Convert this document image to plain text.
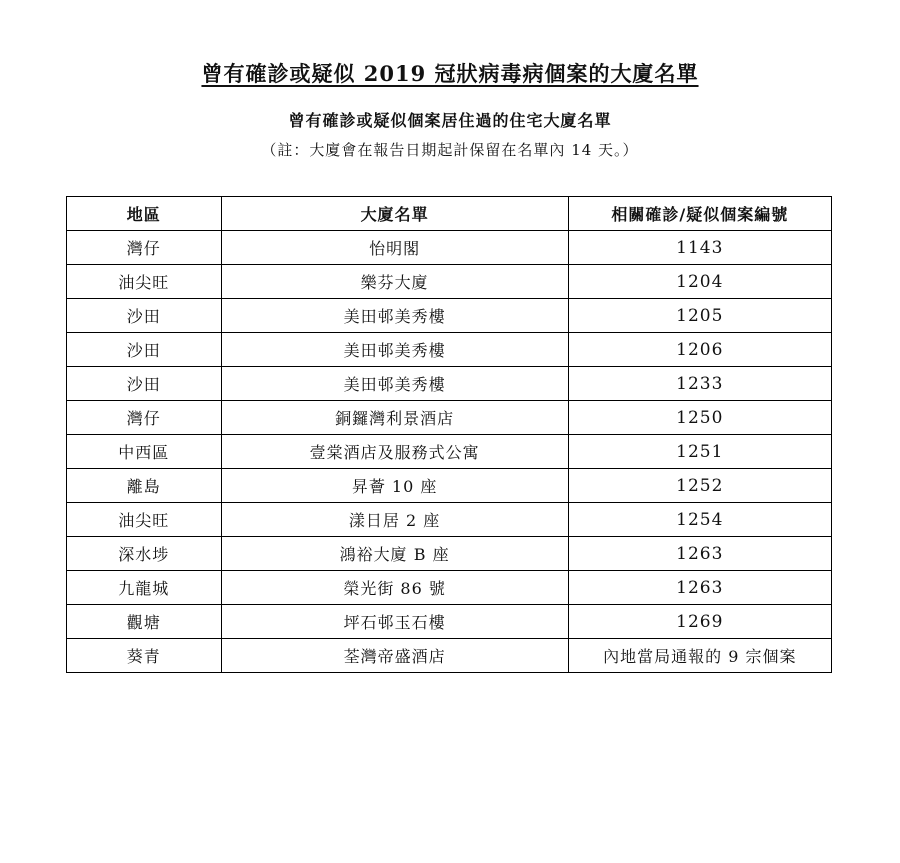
曾有確診或疑似 2019 冠狀病毒病個案的大廈名單
曾有確診或疑似個案居住過的住宅大廈名單
（註：大廈會在報告日期起計保留在名單內 14 天。）
地區	大廈名單	相關確診/疑似個案編號
灣仔	怡明閣	1143
油尖旺	樂芬大廈	1204
沙田	美田邨美秀樓	1205
沙田	美田邨美秀樓	1206
沙田	美田邨美秀樓	1233
灣仔	銅鑼灣利景酒店	1250
中西區	壹棠酒店及服務式公寓	1251
離島	昇薈 10 座	1252
油尖旺	漾日居 2 座	1254
深水埗	鴻裕大廈 B 座	1263
九龍城	榮光街 86 號	1263
觀塘	坪石邨玉石樓	1269
葵青	荃灣帝盛酒店	內地當局通報的 9 宗個案
